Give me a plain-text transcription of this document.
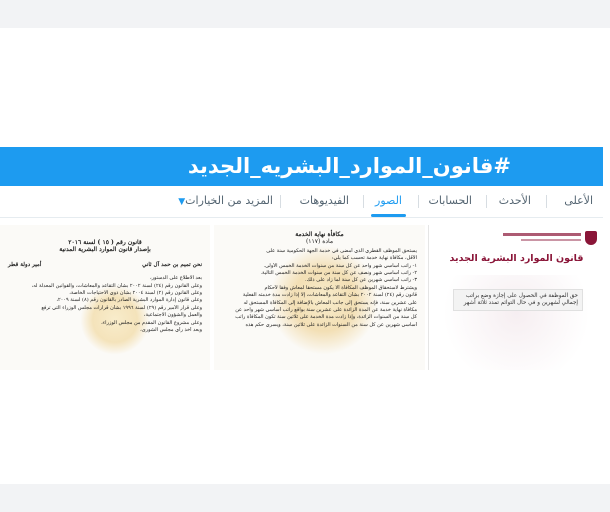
#قانون_الموارد_البشريه_الجديد
الأعلى
الأحدث
الحسابات
الصور
الفيديوهات
المزيد من الخيارات▼
قانون رقم ( ١٥ ) لسنة ٢٠١٦
بإصدار قانون الموارد البشرية المدنية
نحن تميم بن حمد آل ثاني
أمير دولة قطر
بعد الاطلاع على الدستور،
وعلى القانون رقم (٢٤) لسنة ٢٠٠٢ بشأن التقاعد والمعاشات، والقوانين المعدلة له،
وعلى القانون رقم (٢) لسنة ٢٠٠٤ بشأن ذوي الاحتياجات الخاصة،
وعلى قانون إدارة الموارد البشرية الصادر بالقانون رقم (٨) لسنة ٢٠٠٩،
وعلى قرار الأمير رقم (٢٩) لسنة ١٩٩٦ بشأن قرارات مجلس الوزراء التي ترفع
والعمل والشؤون الاجتماعية،
وعلى مشروع القانون المقدم من مجلس الوزراء،
وبعد أخذ رأي مجلس الشورى،
مكافأة نهاية الخدمة
مادة (١١٧)
يستحق الموظف القطري الذي أمضى في خدمة الجهة الحكومية سنة على
الأقل، مكافأة نهاية خدمة تحسب كما يلي:
١- راتب أساسي شهر واحد عن كل سنة من سنوات الخدمة الخمس الأولى.
٢- راتب أساسي شهر ونصف عن كل سنة من سنوات الخدمة الخمس التالية.
٣- راتب أساسي شهرين عن كل سنة لما زاد على ذلك.
ويشترط لاستحقاق الموظف المكافأة ألا يكون مستحقاً لمعاش وفقاً لأحكام
قانون رقم (٢٤) لسنة ٢٠٠٢ بشأن التقاعد والمعاشات، إلا إذا زادت مدة خدمته الفعلية
على عشرين سنة، فإنه يستحق إلى جانب المعاش بالإضافة إلى المكافأة المستحق له
مكافأة نهاية خدمة عن المدة الزائدة على عشرين سنة بواقع راتب أساسي شهر واحد عن
كل سنة من السنوات الزائدة، وإذا زادت مدة الخدمة على ثلاثين سنة تكون المكافأة راتب
أساسي شهرين عن كل سنة من السنوات الزائدة على ثلاثين سنة، ويسري حكم هذه
قانون الموارد البشرية الجديد
حق الموظفة في الحصول على إجازة وضع براتب إجمالي لشهرين و في حال التوائم تمدد ثلاثة أشهر
